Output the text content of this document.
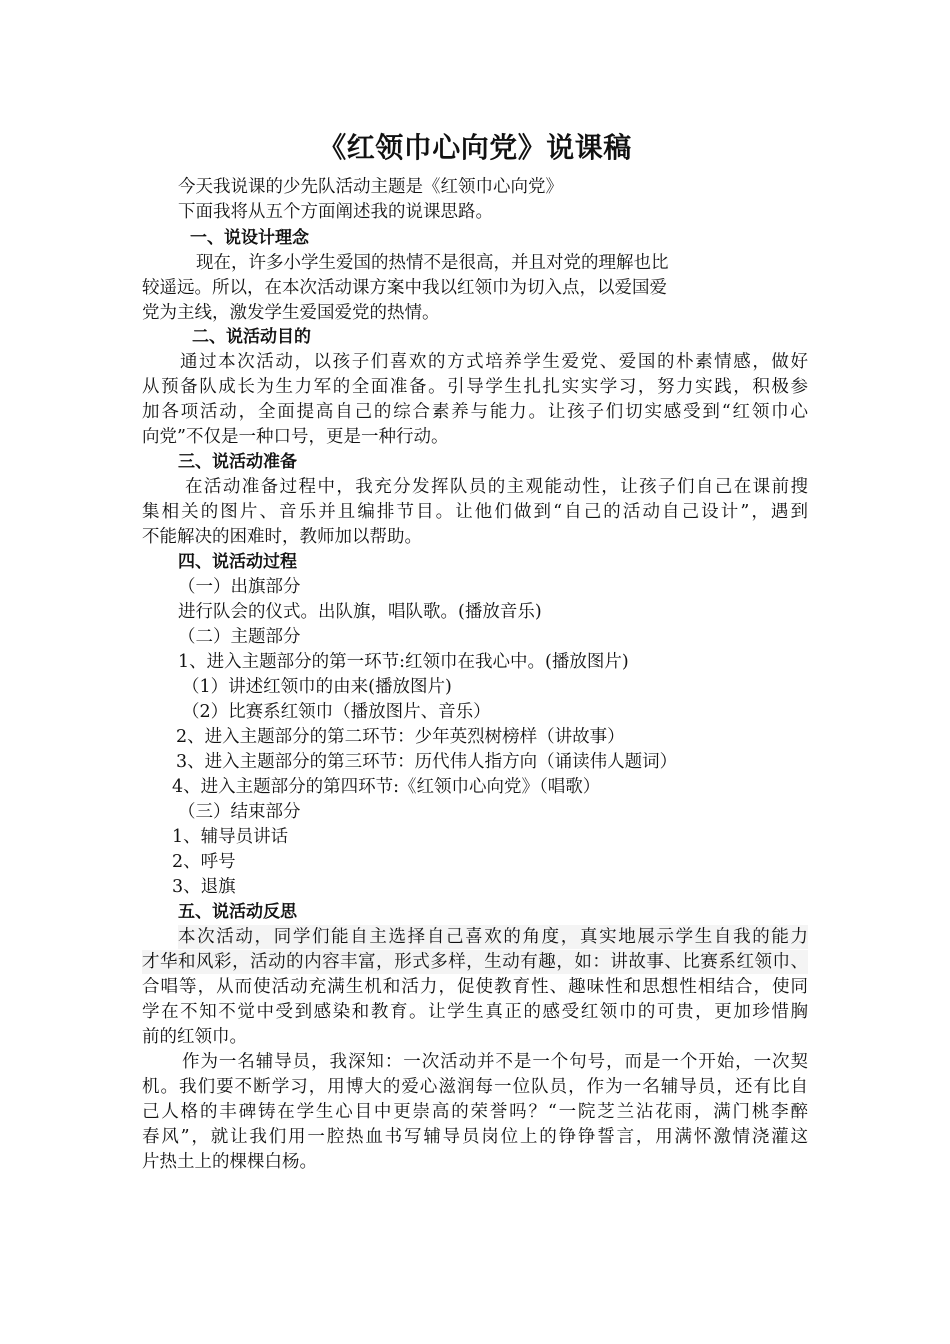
《红领巾心向党》说课稿
今天我说课的少先队活动主题是《红领巾心向党》
下面我将从五个方面阐述我的说课思路。
一、说设计理念
现在，许多小学生爱国的热情不是很高，并且对党的理解也比
较遥远。所以，在本次活动课方案中我以红领巾为切入点，以爱国爱
党为主线，激发学生爱国爱党的热情。
二、说活动目的
通过本次活动，以孩子们喜欢的方式培养学生爱党、爱国的朴素情感，做好
从预备队成长为生力军的全面准备。引导学生扎扎实实学习，努力实践，积极参
加各项活动，全面提高自己的综合素养与能力。让孩子们切实感受到“红领巾心
向党”不仅是一种口号，更是一种行动。
三、说活动准备
在活动准备过程中，我充分发挥队员的主观能动性，让孩子们自己在课前搜
集相关的图片、音乐并且编排节目。让他们做到“自己的活动自己设计”，遇到
不能解决的困难时，教师加以帮助。
四、说活动过程
（一）出旗部分
进行队会的仪式。出队旗，唱队歌。(播放音乐)
（二）主题部分
1、进入主题部分的第一环节:红领巾在我心中。(播放图片)
（1）讲述红领巾的由来(播放图片)
（2）比赛系红领巾（播放图片、音乐）
2、进入主题部分的第二环节：少年英烈树榜样（讲故事）
3、进入主题部分的第三环节：历代伟人指方向（诵读伟人题词）
4、进入主题部分的第四环节:《红领巾心向党》（唱歌）
（三）结束部分
1、辅导员讲话
2、呼号
3、退旗
五、说活动反思
本次活动，同学们能自主选择自己喜欢的角度，真实地展示学生自我的能力
才华和风彩，活动的内容丰富，形式多样，生动有趣，如：讲故事、比赛系红领巾、
合唱等，从而使活动充满生机和活力，促使教育性、趣味性和思想性相结合，使同
学在不知不觉中受到感染和教育。让学生真正的感受红领巾的可贵，更加珍惜胸
前的红领巾。
作为一名辅导员，我深知：一次活动并不是一个句号，而是一个开始，一次契
机。我们要不断学习，用博大的爱心滋润每一位队员，作为一名辅导员，还有比自
己人格的丰碑铸在学生心目中更崇高的荣誉吗？“一院芝兰沾花雨，满门桃李醉
春风”，就让我们用一腔热血书写辅导员岗位上的铮铮誓言，用满怀激情浇灌这
片热土上的棵棵白杨。
